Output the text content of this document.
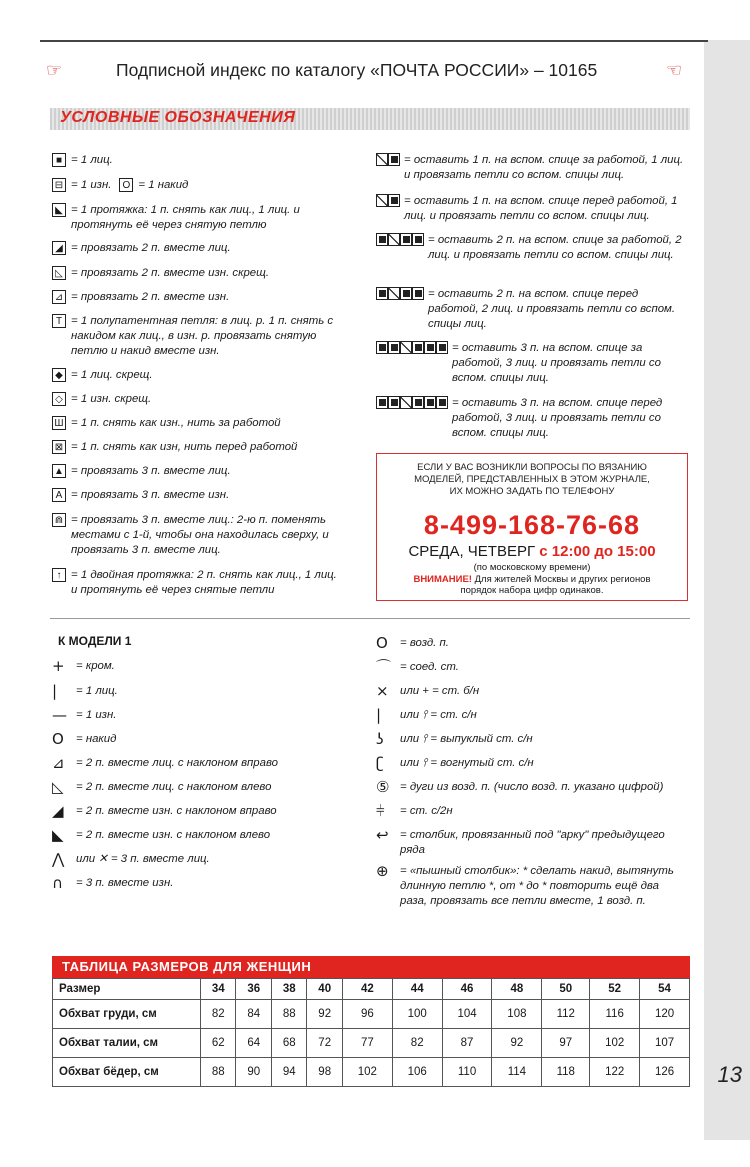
☞	Подписной индекс по каталогу «ПОЧТА РОССИИ» – 10165	☜
УСЛОВНЫЕ ОБОЗНАЧЕНИЯ
■ = 1 лиц.
⊟ = 1 изн.	O = 1 накид
◣ = 1 протяжка: 1 п. снять как лиц., 1 лиц. и протянуть её через снятую петлю
◢ = провязать 2 п. вместе лиц.
◺ = провязать 2 п. вместе изн. скрещ.
⊿ = провязать 2 п. вместе изн.
T = 1 полупатентная петля: в лиц. р. 1 п. снять с накидом как лиц., в изн. р. провязать снятую петлю и накид вместе изн.
◆ = 1 лиц. скрещ.
◇ = 1 изн. скрещ.
Ш = 1 п. снять как изн., нить за работой
⊠ = 1 п. снять как изн, нить перед работой
▲ = провязать 3 п. вместе лиц.
A = провязать 3 п. вместе изн.
⋒ = провязать 3 п. вместе лиц.: 2-ю п. поменять местами с 1-й, чтобы она находилась сверху, и провязать 3 п. вместе лиц.
↑ = 1 двойная протяжка: 2 п. снять как лиц., 1 лиц. и протянуть её через снятые петли
= оставить 1 п. на вспом. спице за работой, 1 лиц. и провязать петли со вспом. спицы лиц.
= оставить 1 п. на вспом. спице перед работой, 1 лиц. и провязать петли со вспом. спицы лиц.
= оставить 2 п. на вспом. спице за работой, 2 лиц. и провязать петли со вспом. спицы лиц.
= оставить 2 п. на вспом. спице перед работой, 2 лиц. и провязать петли со вспом. спицы лиц.
= оставить 3 п. на вспом. спице за работой, 3 лиц. и провязать петли со вспом. спицы лиц.
= оставить 3 п. на вспом. спице перед работой, 3 лиц. и провязать петли со вспом. спицы лиц.
ЕСЛИ У ВАС ВОЗНИКЛИ ВОПРОСЫ ПО ВЯЗАНИЮ
МОДЕЛЕЙ, ПРЕДСТАВЛЕННЫХ В ЭТОМ ЖУРНАЛЕ,
ИХ МОЖНО ЗАДАТЬ ПО ТЕЛЕФОНУ
8-499-168-76-68
СРЕДА, ЧЕТВЕРГ с 12:00 до 15:00
(по московскому времени)
ВНИМАНИЕ! Для жителей Москвы и других регионов
порядок набора цифр одинаков.
К МОДЕЛИ 1
+	= кром.
|	= 1 лиц.
— = 1 изн.
O	= накид
⊿	= 2 п. вместе лиц. с наклоном вправо
◺	= 2 п. вместе лиц. с наклоном влево
◢	= 2 п. вместе изн. с наклоном вправо
◣	= 2 п. вместе изн. с наклоном влево
⋀	или ✕ = 3 п. вместе лиц.
∩	= 3 п. вместе изн.
O	= возд. п.
⌒ = соед. ст.
×	или + = ст. б/н
|	или ⫯ = ст. с/н
ʖ	или ⫯ = выпуклый ст. с/н
ʗ	или ⫯ = вогнутый ст. с/н
⑤ = дуги из возд. п. (число возд. п. указано цифрой)
⫩	= ст. с/2н
↩	= столбик, провязанный под "арку" предыдущего ряда
⊕	= «пышный столбик»: * сделать накид, вытянуть длинную петлю *, от * до * повторить ещё два раза, провязать все петли вместе, 1 возд. п.
ТАБЛИЦА РАЗМЕРОВ ДЛЯ ЖЕНЩИН
Размер	34	36	38	40	42	44	46	48	50	52	54
Обхват груди, см	82	84	88	92	96	100	104	108	112	116	120
Обхват талии, см	62	64	68	72	77	82	87	92	97	102	107
Обхват бёдер, см	88	90	94	98	102	106	110	114	118	122	126 13
